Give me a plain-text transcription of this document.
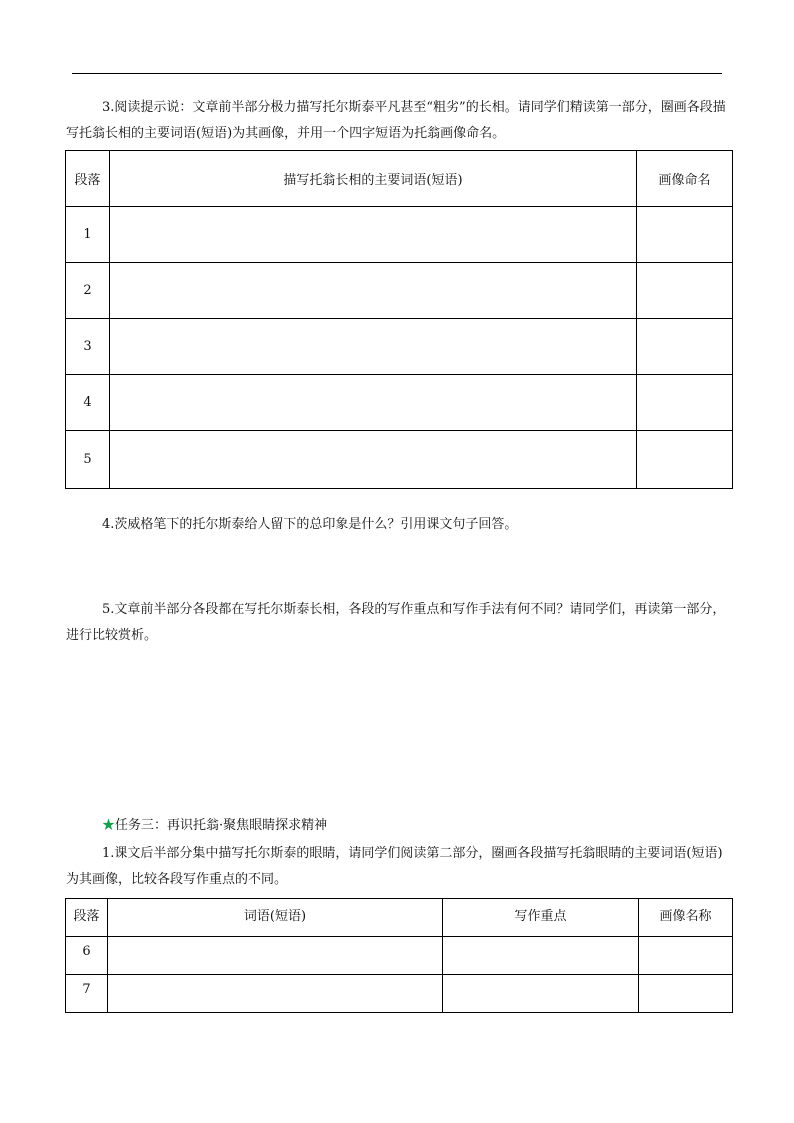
3.阅读提示说：文章前半部分极力描写托尔斯泰平凡甚至“粗劣”的长相。请同学们精读第一部分，圈画各段描写托翁长相的主要词语(短语)为其画像，并用一个四字短语为托翁画像命名。

段落	描写托翁长相的主要词语(短语)	画像命名
1		
2		
3		
4		
5		

4.茨威格笔下的托尔斯泰给人留下的总印象是什么？引用课文句子回答。

5.文章前半部分各段都在写托尔斯泰长相，各段的写作重点和写作手法有何不同？请同学们，再读第一部分，进行比较赏析。

★任务三：再识托翁·聚焦眼睛探求精神

1.课文后半部分集中描写托尔斯泰的眼睛，请同学们阅读第二部分，圈画各段描写托翁眼睛的主要词语(短语)为其画像，比较各段写作重点的不同。

段落	词语(短语)	写作重点	画像名称
6			
7			
